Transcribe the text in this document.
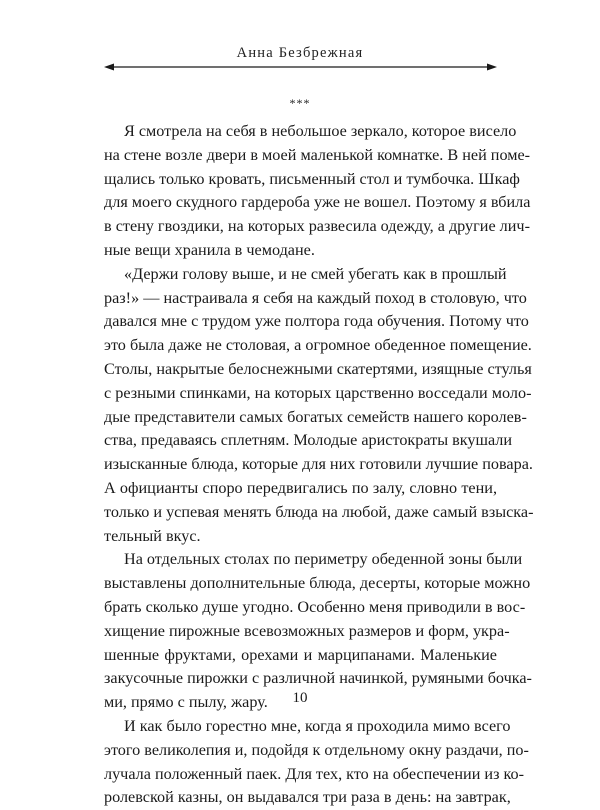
Анна Безбрежная
***
Я смотрела на себя в небольшое зеркало, которое висело
на стене возле двери в моей маленькой комнатке. В ней поме-
щались только кровать, письменный стол и тумбочка. Шкаф
для моего скудного гардероба уже не вошел. Поэтому я вбила
в стену гвоздики, на которых развесила одежду, а другие лич-
ные вещи хранила в чемодане.
«Держи голову выше, и не смей убегать как в прошлый
раз!» — настраивала я себя на каждый поход в столовую, что
давался мне с трудом уже полтора года обучения. Потому что
это была даже не столовая, а огромное обеденное помещение.
Столы, накрытые белоснежными скатертями, изящные стулья
с резными спинками, на которых царственно восседали моло-
дые представители самых богатых семейств нашего королев-
ства, предаваясь сплетням. Молодые аристократы вкушали
изысканные блюда, которые для них готовили лучшие повара.
А официанты споро передвигались по залу, словно тени,
только и успевая менять блюда на любой, даже самый взыска-
тельный вкус.
На отдельных столах по периметру обеденной зоны были
выставлены дополнительные блюда, десерты, которые можно
брать сколько душе угодно. Особенно меня приводили в вос-
хищение пирожные всевозможных размеров и форм, укра-
шенные фруктами, орехами и марципанами. Маленькие
закусочные пирожки с различной начинкой, румяными бочка-
ми, прямо с пылу, жару.
И как было горестно мне, когда я проходила мимо всего
этого великолепия и, подойдя к отдельному окну раздачи, по-
лучала положенный паек. Для тех, кто на обеспечении из ко-
ролевской казны, он выдавался три раза в день: на завтрак,
10
